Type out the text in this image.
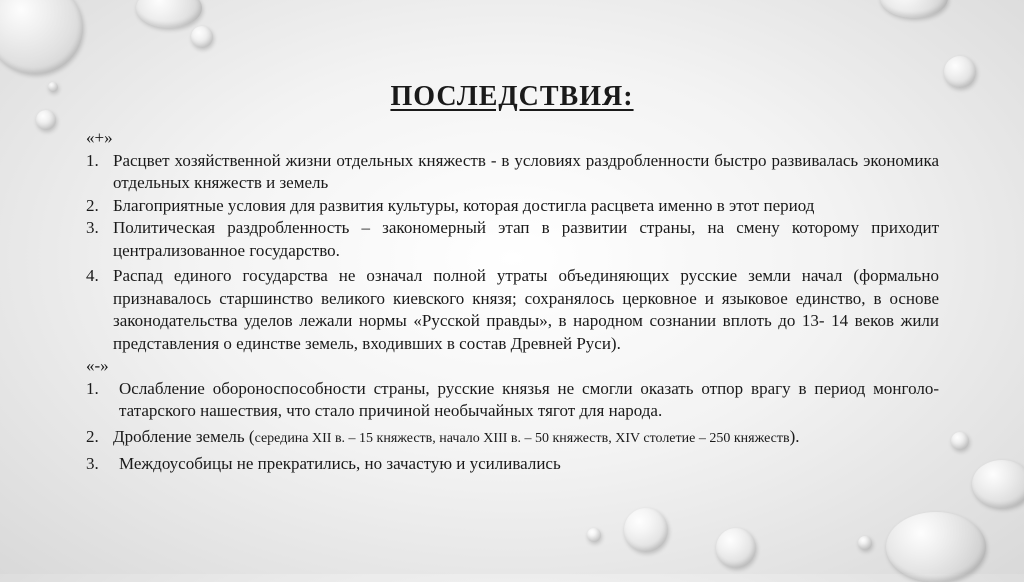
ПОСЛЕДСТВИЯ:

«+»

1. Расцвет хозяйственной жизни отдельных княжеств - в условиях раздробленности быстро развивалась экономика отдельных княжеств и земель
2. Благоприятные условия для развития культуры, которая достигла расцвета именно в этот период
3. Политическая раздробленность – закономерный этап в развитии страны, на смену которому приходит централизованное государство.
4. Распад единого государства не означал полной утраты объединяющих русские земли начал (формально признавалось старшинство великого киевского князя; сохранялось церковное и языковое единство, в основе законодательства уделов лежали нормы «Русской правды», в народном сознании вплоть до 13- 14 веков жили представления о единстве земель, входивших в состав Древней Руси).

«-»

1.	Ослабление обороноспособности страны, русские князья не смогли оказать отпор врагу в период монголо-татарского нашествия, что стало причиной необычайных тягот для народа.
2. Дробление земель (середина XII в. – 15 княжеств, начало XIII в. – 50 княжеств, XIV столетие – 250 княжеств).
3.	Междоусобицы не прекратились, но зачастую и усиливались
